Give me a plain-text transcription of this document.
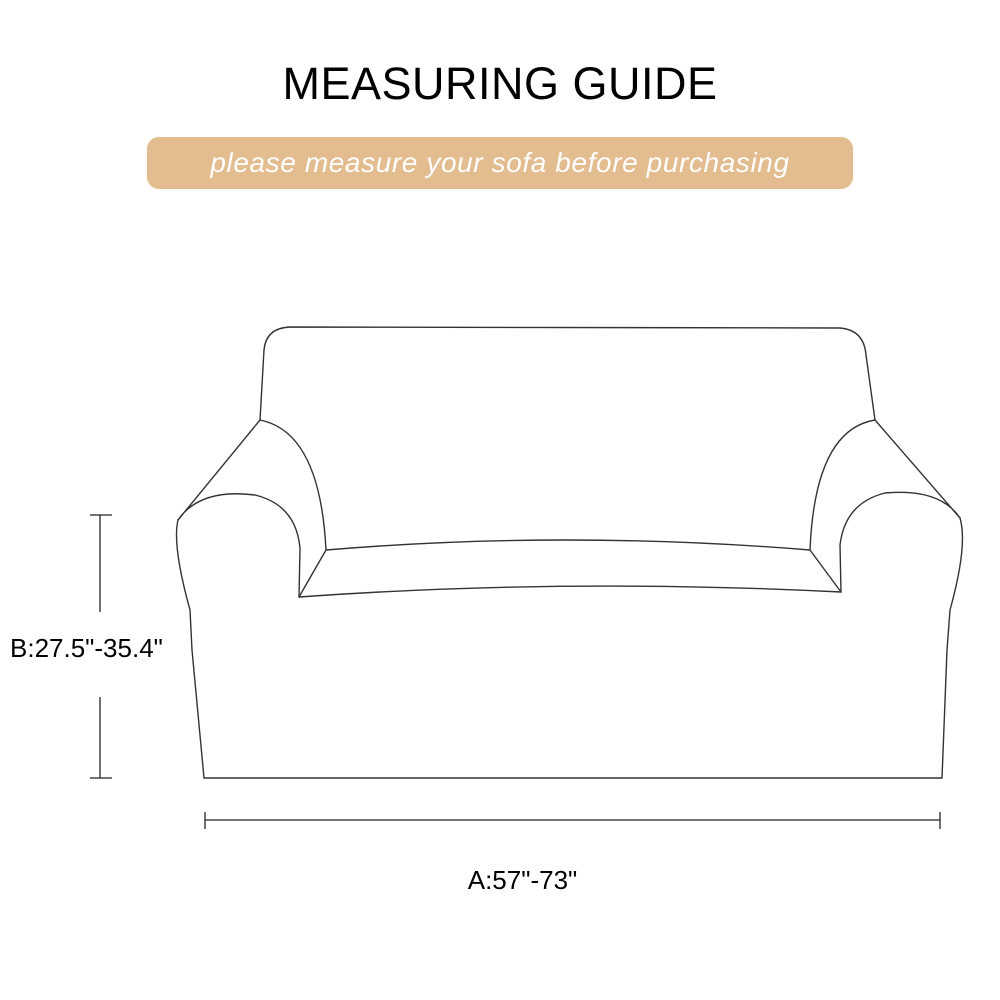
MEASURING GUIDE
please measure your sofa before purchasing
B:27.5"-35.4"
A:57"-73"
